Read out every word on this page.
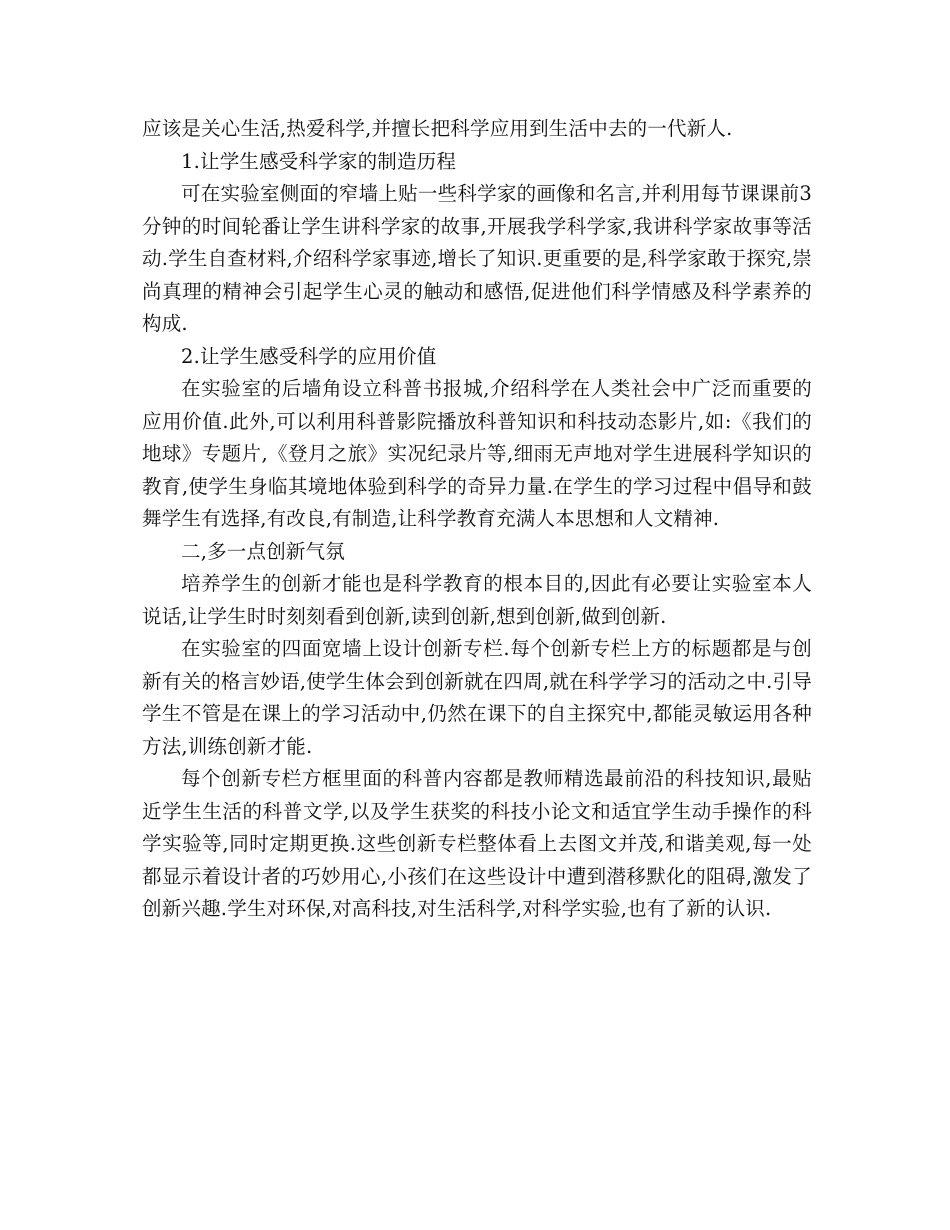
应该是关心生活,热爱科学,并擅长把科学应用到生活中去的一代新人.

1.让学生感受科学家的制造历程

可在实验室侧面的窄墙上贴一些科学家的画像和名言,并利用每节课课前3分钟的时间轮番让学生讲科学家的故事,开展我学科学家,我讲科学家故事等活动.学生自查材料,介绍科学家事迹,增长了知识.更重要的是,科学家敢于探究,崇尚真理的精神会引起学生心灵的触动和感悟,促进他们科学情感及科学素养的构成.

2.让学生感受科学的应用价值

在实验室的后墙角设立科普书报城,介绍科学在人类社会中广泛而重要的应用价值.此外,可以利用科普影院播放科普知识和科技动态影片,如:《我们的地球》专题片,《登月之旅》实况纪录片等,细雨无声地对学生进展科学知识的教育,使学生身临其境地体验到科学的奇异力量.在学生的学习过程中倡导和鼓舞学生有选择,有改良,有制造,让科学教育充满人本思想和人文精神.

二,多一点创新气氛

培养学生的创新才能也是科学教育的根本目的,因此有必要让实验室本人说话,让学生时时刻刻看到创新,读到创新,想到创新,做到创新.

在实验室的四面宽墙上设计创新专栏.每个创新专栏上方的标题都是与创新有关的格言妙语,使学生体会到创新就在四周,就在科学学习的活动之中.引导学生不管是在课上的学习活动中,仍然在课下的自主探究中,都能灵敏运用各种方法,训练创新才能.

每个创新专栏方框里面的科普内容都是教师精选最前沿的科技知识,最贴近学生生活的科普文学,以及学生获奖的科技小论文和适宜学生动手操作的科学实验等,同时定期更换.这些创新专栏整体看上去图文并茂,和谐美观,每一处都显示着设计者的巧妙用心,小孩们在这些设计中遭到潜移默化的阻碍,激发了创新兴趣.学生对环保,对高科技,对生活科学,对科学实验,也有了新的认识.
